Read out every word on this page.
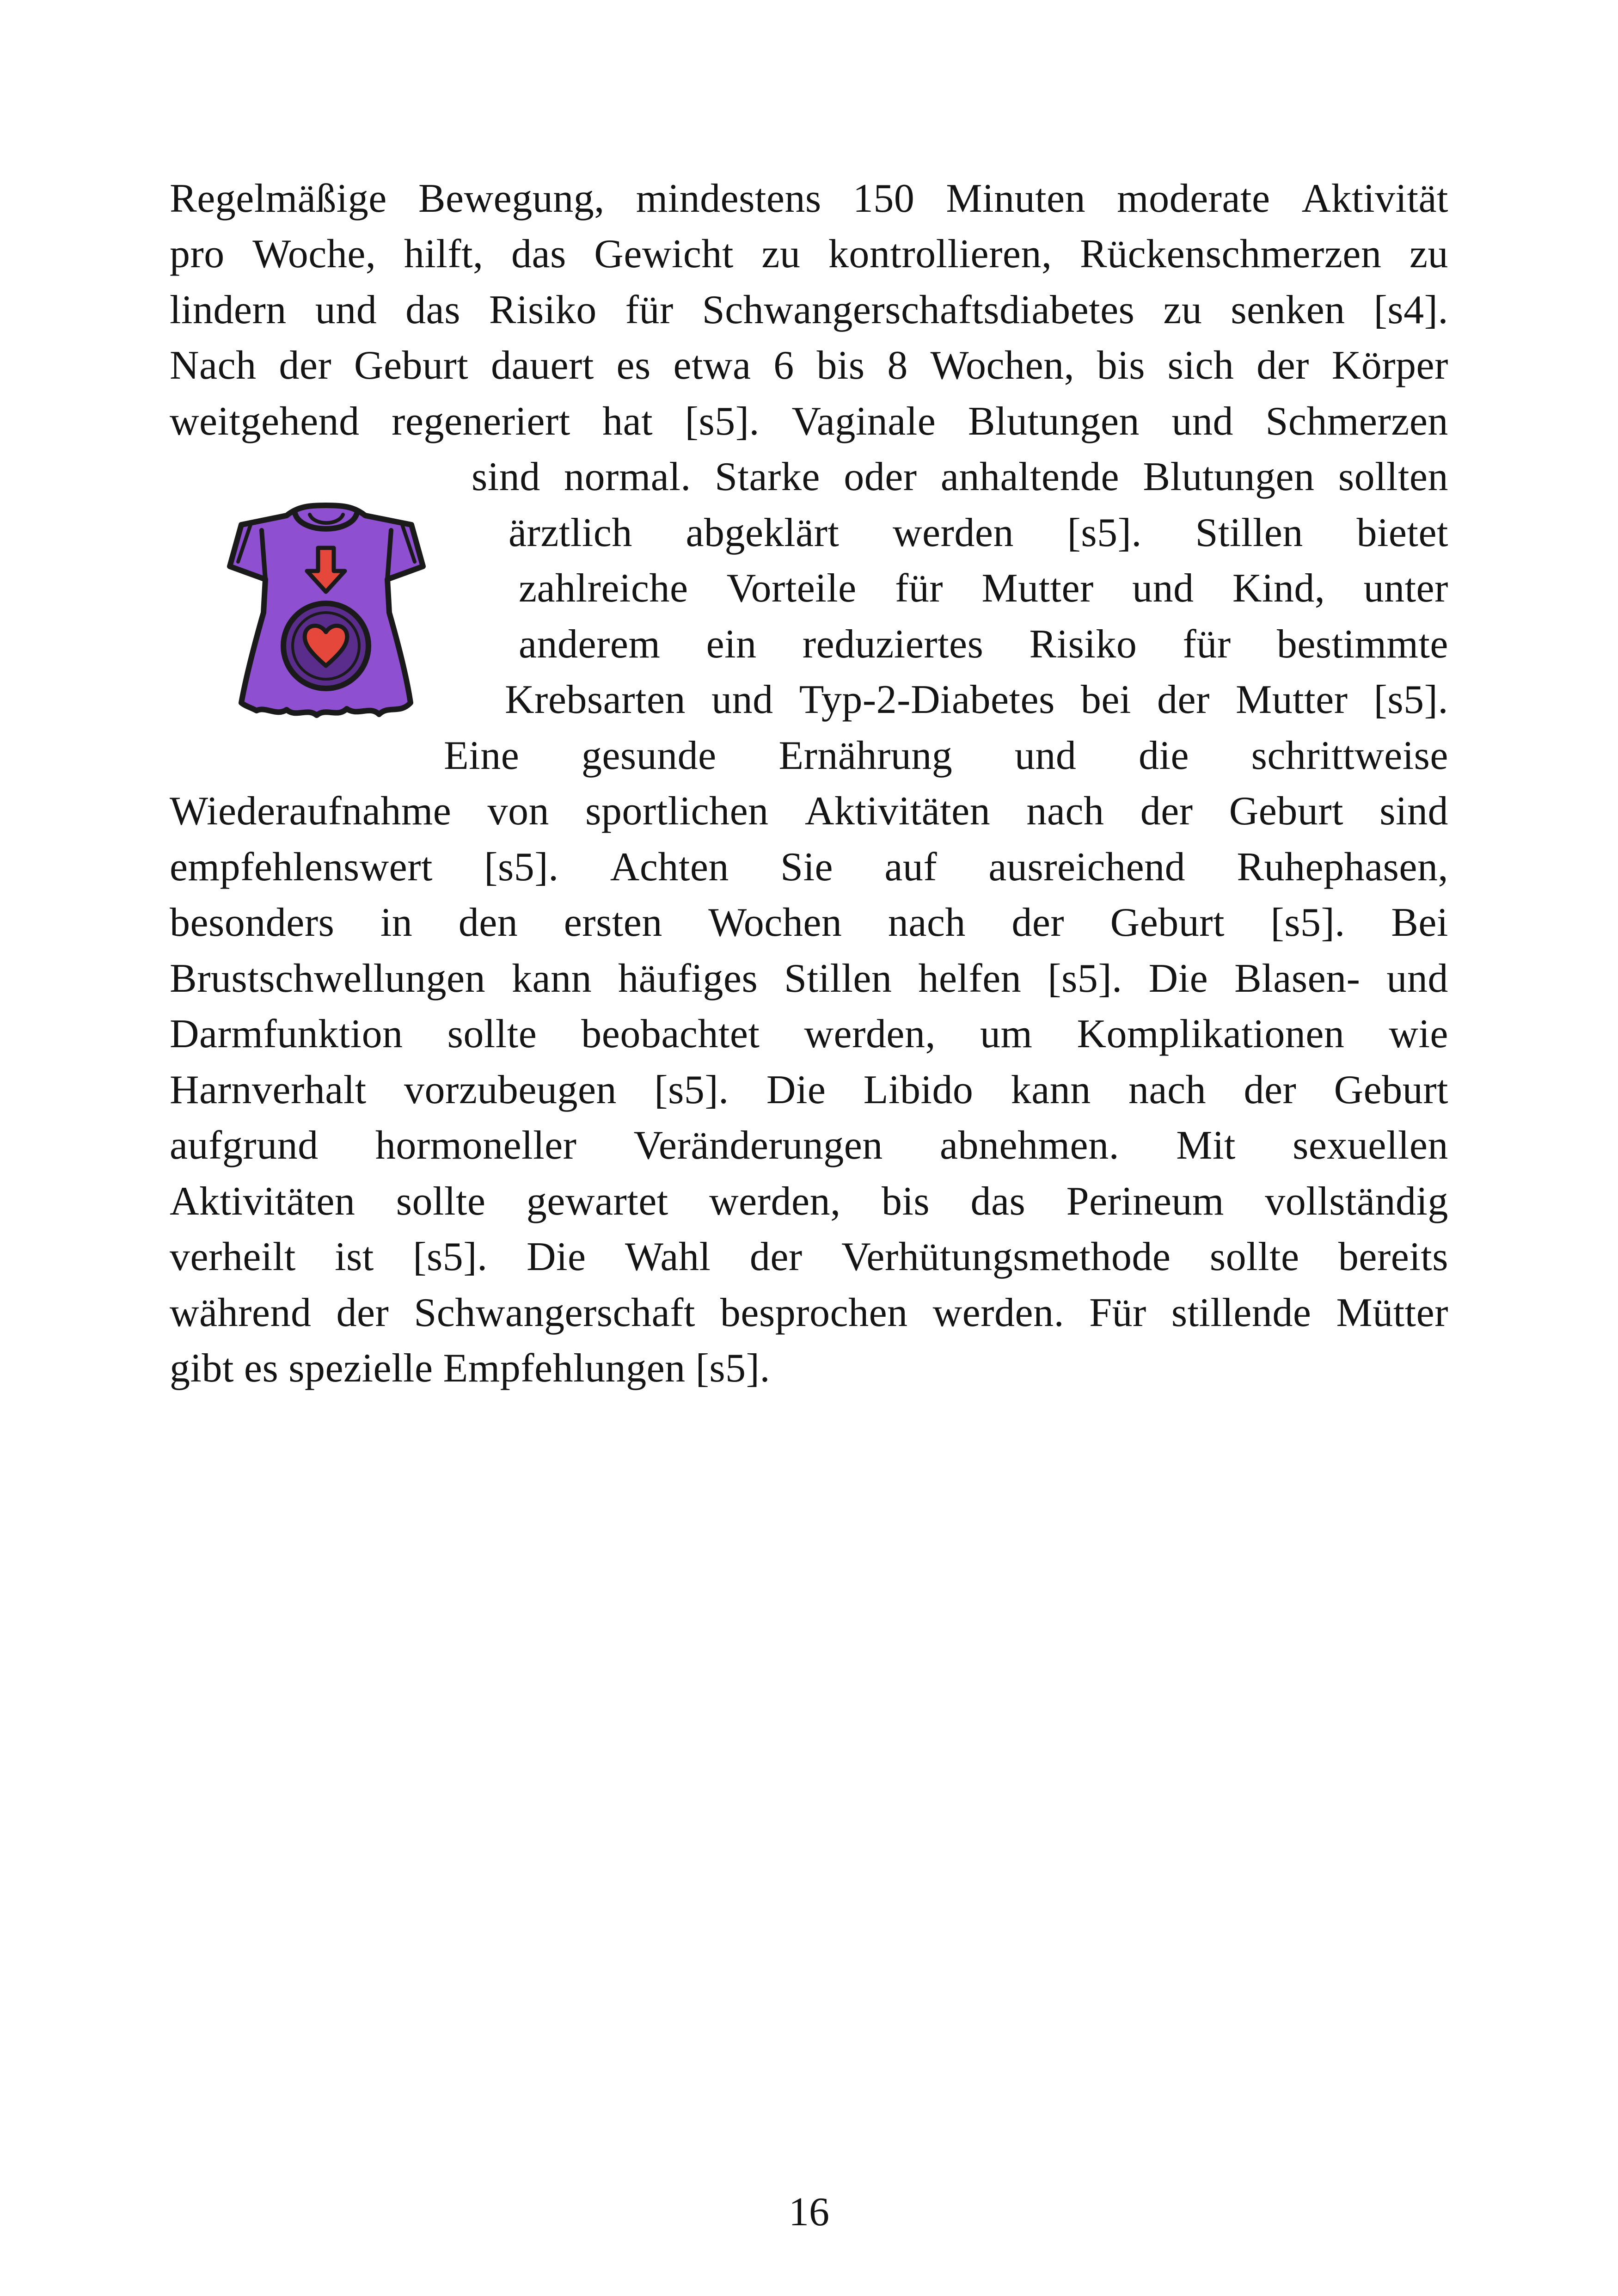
Regelmäßige Bewegung, mindestens 150 Minuten moderate Aktivität
pro Woche, hilft, das Gewicht zu kontrollieren, Rückenschmerzen zu
lindern und das Risiko für Schwangerschaftsdiabetes zu senken [s4].
Nach der Geburt dauert es etwa 6 bis 8 Wochen, bis sich der Körper
weitgehend regeneriert hat [s5]. Vaginale Blutungen und Schmerzen
sind normal. Starke oder anhaltende Blutungen sollten
ärztlich abgeklärt werden [s5]. Stillen bietet
zahlreiche Vorteile für Mutter und Kind, unter
anderem ein reduziertes Risiko für bestimmte
Krebsarten und Typ-2-Diabetes bei der Mutter [s5].
Eine gesunde Ernährung und die schrittweise
Wiederaufnahme von sportlichen Aktivitäten nach der Geburt sind
empfehlenswert [s5]. Achten Sie auf ausreichend Ruhephasen,
besonders in den ersten Wochen nach der Geburt [s5]. Bei
Brustschwellungen kann häufiges Stillen helfen [s5]. Die Blasen- und
Darmfunktion sollte beobachtet werden, um Komplikationen wie
Harnverhalt vorzubeugen [s5]. Die Libido kann nach der Geburt
aufgrund hormoneller Veränderungen abnehmen. Mit sexuellen
Aktivitäten sollte gewartet werden, bis das Perineum vollständig
verheilt ist [s5]. Die Wahl der Verhütungsmethode sollte bereits
während der Schwangerschaft besprochen werden. Für stillende Mütter
gibt es spezielle Empfehlungen [s5].
16
